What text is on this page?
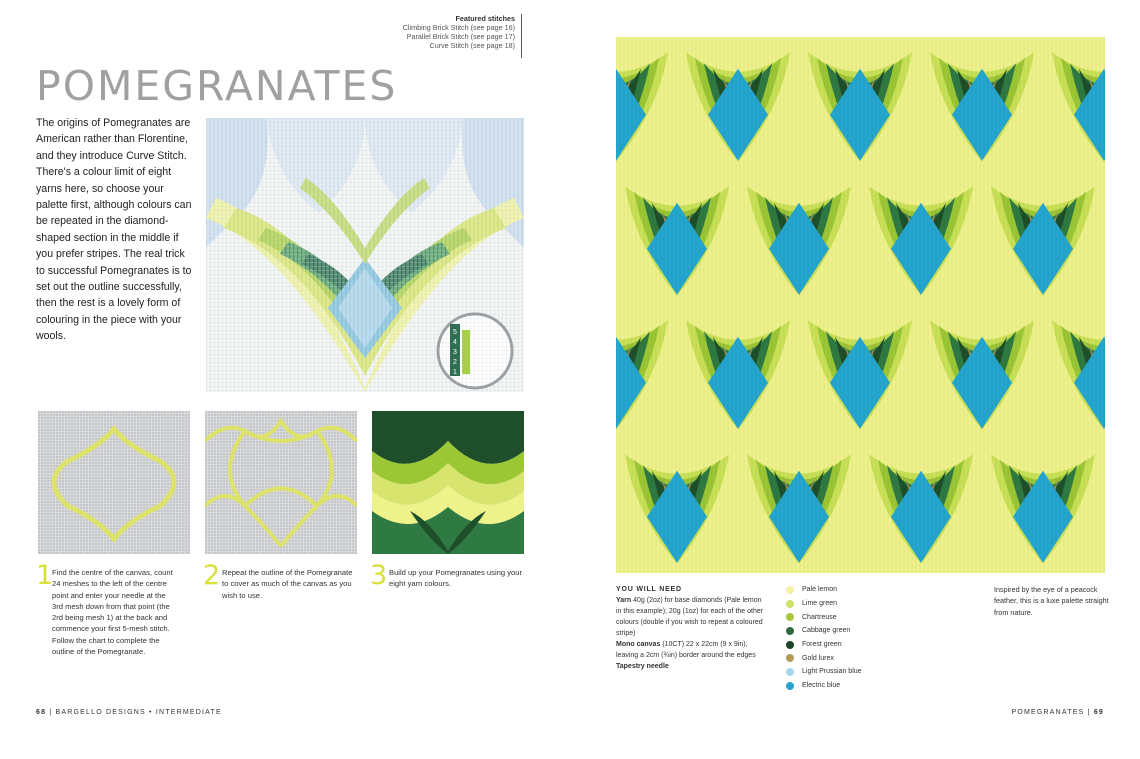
Featured stitches
Climbing Brick Stitch (see page 16)
Parallel Brick Stitch (see page 17)
Curve Stitch (see page 18)
POMEGRANATES
The origins of Pomegranates are American rather than Florentine, and they introduce Curve Stitch. There's a colour limit of eight yarns here, so choose your palette first, although colours can be repeated in the diamond-shaped section in the middle if you prefer stripes. The real trick to successful Pomegranates is to set out the outline successfully, then the rest is a lovely form of colouring in the piece with your wools.	5
4
3
2
1
1
Find the centre of the canvas, count 24 meshes to the left of the centre point and enter your needle at the 3rd mesh down from that point (the 2rd being mesh 1) at the back and commence your first 5-mesh stitch. Follow the chart to complete the outline of the Pomegranate.
2 Repeat the outline of the Pomegranate to cover as much of the canvas as you wish to use.
3 Build up your Pomegranates using your eight yarn colours.
68 | BARGELLO DESIGNS • INTERMEDIATE
YOU WILL NEED
Yarn 40g (2oz) for base diamonds (Pale lemon in this example); 20g (1oz) for each of the other colours (double if you wish to repeat a coloured stripe)
Mono canvas (10CT) 22 x 22cm (9 x 9in), leaving a 2cm (¾in) border around the edges
Tapestry needle
Pale lemon
Lime green
Chartreuse
Cabbage green
Forest green
Gold lurex
Light Prussian blue
Electric blue
Inspired by the eye of a peacock feather, this is a luxe palette straight from nature.
POMEGRANATES | 69
